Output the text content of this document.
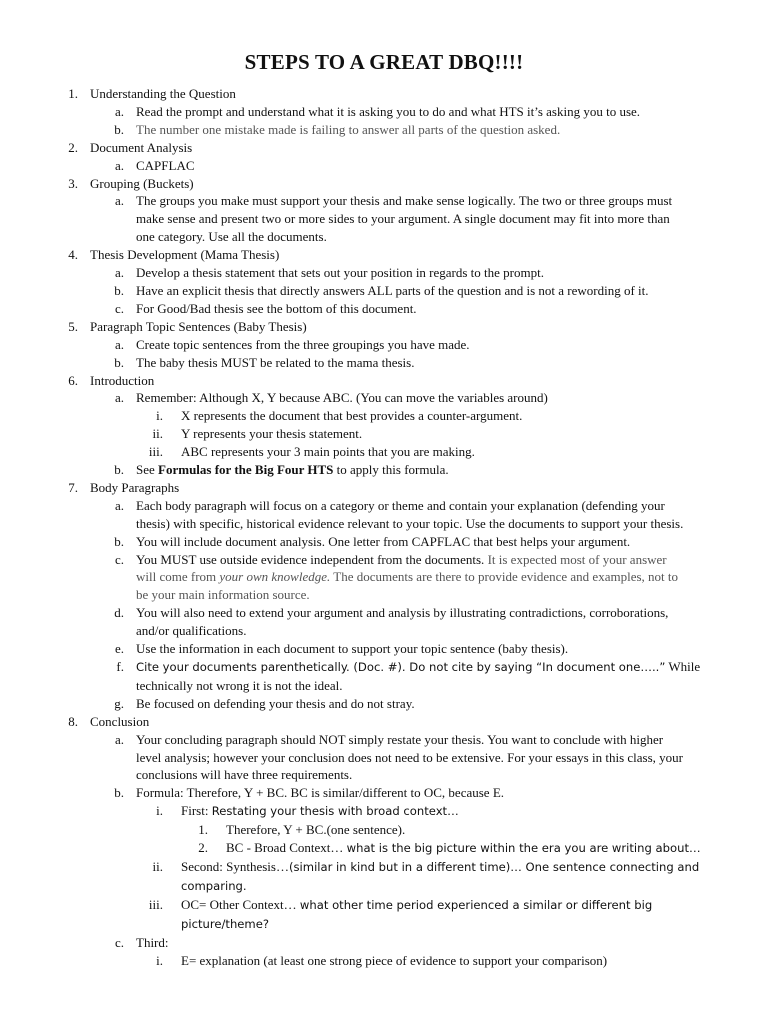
STEPS TO A GREAT DBQ!!!!
1. Understanding the Question
a. Read the prompt and understand what it is asking you to do and what HTS it’s asking you to use.
b. The number one mistake made is failing to answer all parts of the question asked.
2. Document Analysis
a. CAPFLAC
3. Grouping (Buckets)
a. The groups you make must support your thesis and make sense logically. The two or three groups must
make sense and present two or more sides to your argument. A single document may fit into more than
one category. Use all the documents.
4. Thesis Development (Mama Thesis)
a. Develop a thesis statement that sets out your position in regards to the prompt.
b. Have an explicit thesis that directly answers ALL parts of the question and is not a rewording of it.
c. For Good/Bad thesis see the bottom of this document.
5. Paragraph Topic Sentences (Baby Thesis)
a. Create topic sentences from the three groupings you have made.
b. The baby thesis MUST be related to the mama thesis.
6. Introduction
a. Remember: Although X, Y because ABC. (You can move the variables around)
i. X represents the document that best provides a counter-argument.
ii. Y represents your thesis statement.
iii. ABC represents your 3 main points that you are making.
b. See Formulas for the Big Four HTS to apply this formula.
7. Body Paragraphs
a. Each body paragraph will focus on a category or theme and contain your explanation (defending your
thesis) with specific, historical evidence relevant to your topic. Use the documents to support your thesis.
b. You will include document analysis. One letter from CAPFLAC that best helps your argument.
c. You MUST use outside evidence independent from the documents. It is expected most of your answer
will come from your own knowledge. The documents are there to provide evidence and examples, not to
be your main information source.
d. You will also need to extend your argument and analysis by illustrating contradictions, corroborations,
and/or qualifications.
e. Use the information in each document to support your topic sentence (baby thesis).
f. Cite your documents parenthetically. (Doc. #). Do not cite by saying “In document one…..” While
technically not wrong it is not the ideal.
g. Be focused on defending your thesis and do not stray.
8. Conclusion
a. Your concluding paragraph should NOT simply restate your thesis. You want to conclude with higher
level analysis; however your conclusion does not need to be extensive. For your essays in this class, your
conclusions will have three requirements.
b. Formula: Therefore, Y + BC. BC is similar/different to OC, because E.
i. First: Restating your thesis with broad context…
1. Therefore, Y + BC.(one sentence).
2. BC - Broad Context… what is the big picture within the era you are writing about…
ii. Second: Synthesis…(similar in kind but in a different time)… One sentence connecting and
comparing.
iii. OC= Other Context… what other time period experienced a similar or different big
picture/theme?
c. Third:
i. E= explanation (at least one strong piece of evidence to support your comparison)
